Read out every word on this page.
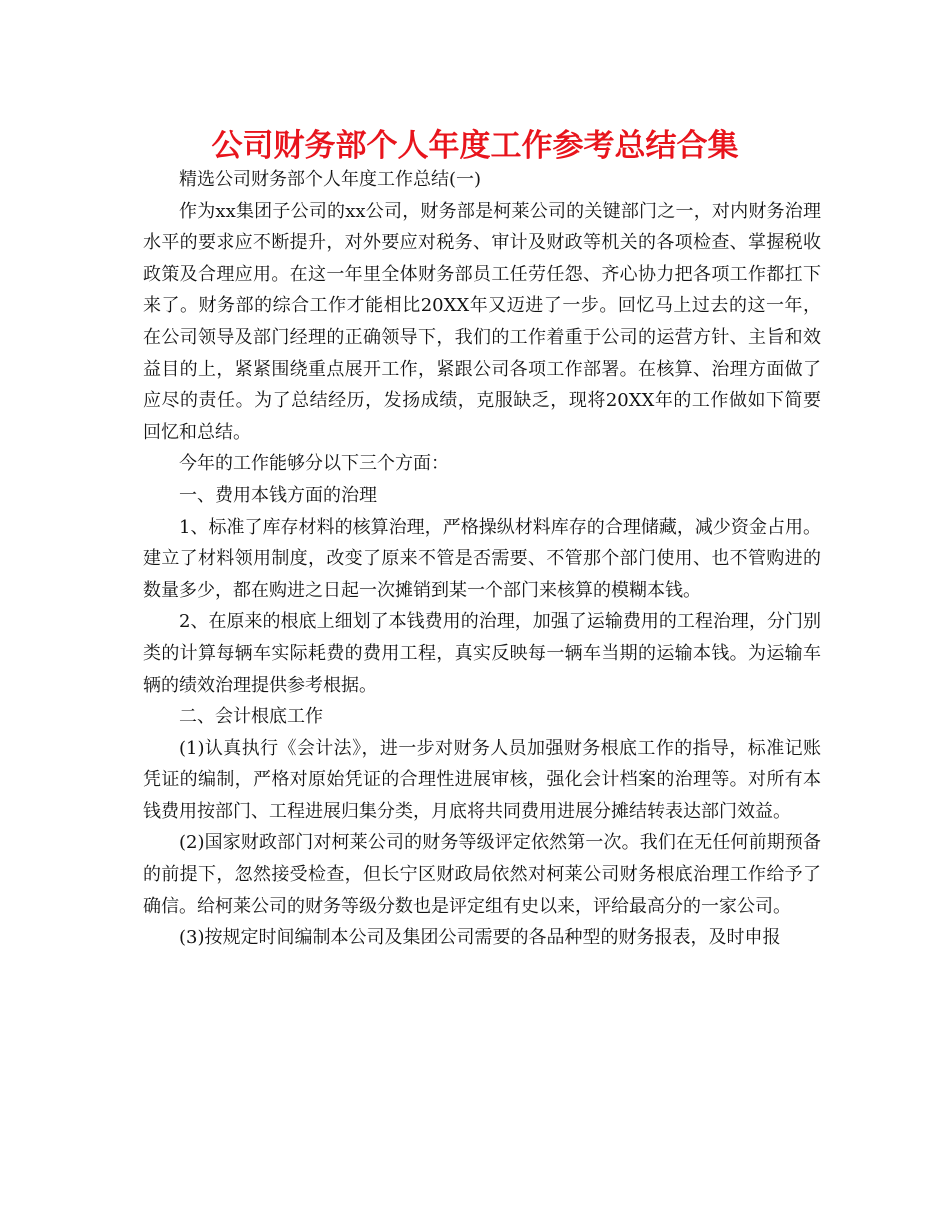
公司财务部个人年度工作参考总结合集

精选公司财务部个人年度工作总结(一)

作为xx集团子公司的xx公司，财务部是柯莱公司的关键部门之一，对内财务治理水平的要求应不断提升，对外要应对税务、审计及财政等机关的各项检查、掌握税收政策及合理应用。在这一年里全体财务部员工任劳任怨、齐心协力把各项工作都扛下来了。财务部的综合工作才能相比20XX年又迈进了一步。回忆马上过去的这一年，在公司领导及部门经理的正确领导下，我们的工作着重于公司的运营方针、主旨和效益目的上，紧紧围绕重点展开工作，紧跟公司各项工作部署。在核算、治理方面做了应尽的责任。为了总结经历，发扬成绩，克服缺乏，现将20XX年的工作做如下简要回忆和总结。

今年的工作能够分以下三个方面：

一、费用本钱方面的治理

1、标准了库存材料的核算治理，严格操纵材料库存的合理储藏，减少资金占用。建立了材料领用制度，改变了原来不管是否需要、不管那个部门使用、也不管购进的数量多少，都在购进之日起一次摊销到某一个部门来核算的模糊本钱。

2、在原来的根底上细划了本钱费用的治理，加强了运输费用的工程治理，分门别类的计算每辆车实际耗费的费用工程，真实反映每一辆车当期的运输本钱。为运输车辆的绩效治理提供参考根据。

二、会计根底工作

(1)认真执行《会计法》，进一步对财务人员加强财务根底工作的指导，标准记账凭证的编制，严格对原始凭证的合理性进展审核，强化会计档案的治理等。对所有本钱费用按部门、工程进展归集分类，月底将共同费用进展分摊结转表达部门效益。

(2)国家财政部门对柯莱公司的财务等级评定依然第一次。我们在无任何前期预备的前提下，忽然接受检查，但长宁区财政局依然对柯莱公司财务根底治理工作给予了确信。给柯莱公司的财务等级分数也是评定组有史以来，评给最高分的一家公司。

(3)按规定时间编制本公司及集团公司需要的各品种型的财务报表，及时申报
